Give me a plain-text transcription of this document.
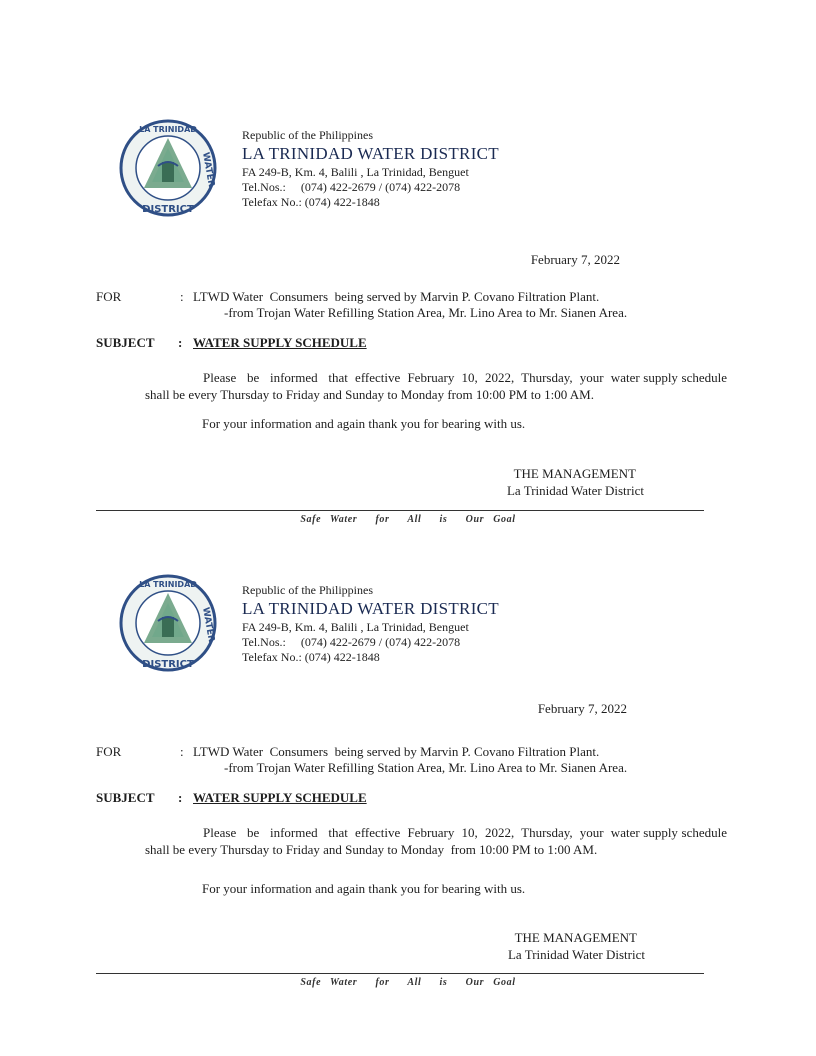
LA TRINIDAD
WATER
DISTRICT
Republic of the Philippines
LA TRINIDAD WATER DISTRICT
FA 249-B, Km. 4, Balili , La Trinidad, Benguet
Tel.Nos.:     (074) 422-2679 / (074) 422-2078
Telefax No.: (074) 422-1848
February 7, 2022
FOR	: LTWD Water  Consumers  being served by Marvin P. Covano Filtration Plant.
-from Trojan Water Refilling Station Area, Mr. Lino Area to Mr. Sianen Area.
SUBJECT : WATER SUPPLY SCHEDULE
Please   be   informed   that  effective  February  10,  2022,  Thursday,  your  water supply schedule shall be every Thursday to Friday and Sunday to Monday from 10:00 PM to 1:00 AM.
For your information and again thank you for bearing with us.
THE MANAGEMENT
La Trinidad Water District
Safe Water  for  All  is  Our Goal
LA TRINIDAD
WATER
DISTRICT
Republic of the Philippines
LA TRINIDAD WATER DISTRICT
FA 249-B, Km. 4, Balili , La Trinidad, Benguet
Tel.Nos.:     (074) 422-2679 / (074) 422-2078
Telefax No.: (074) 422-1848
February 7, 2022
FOR	: LTWD Water  Consumers  being served by Marvin P. Covano Filtration Plant.
-from Trojan Water Refilling Station Area, Mr. Lino Area to Mr. Sianen Area.
SUBJECT : WATER SUPPLY SCHEDULE
Please   be   informed   that  effective  February  10,  2022,  Thursday,  your  water supply schedule shall be every Thursday to Friday and Sunday to Monday  from 10:00 PM to 1:00 AM.
For your information and again thank you for bearing with us.
THE MANAGEMENT
La Trinidad Water District
Safe Water  for  All  is  Our Goal
